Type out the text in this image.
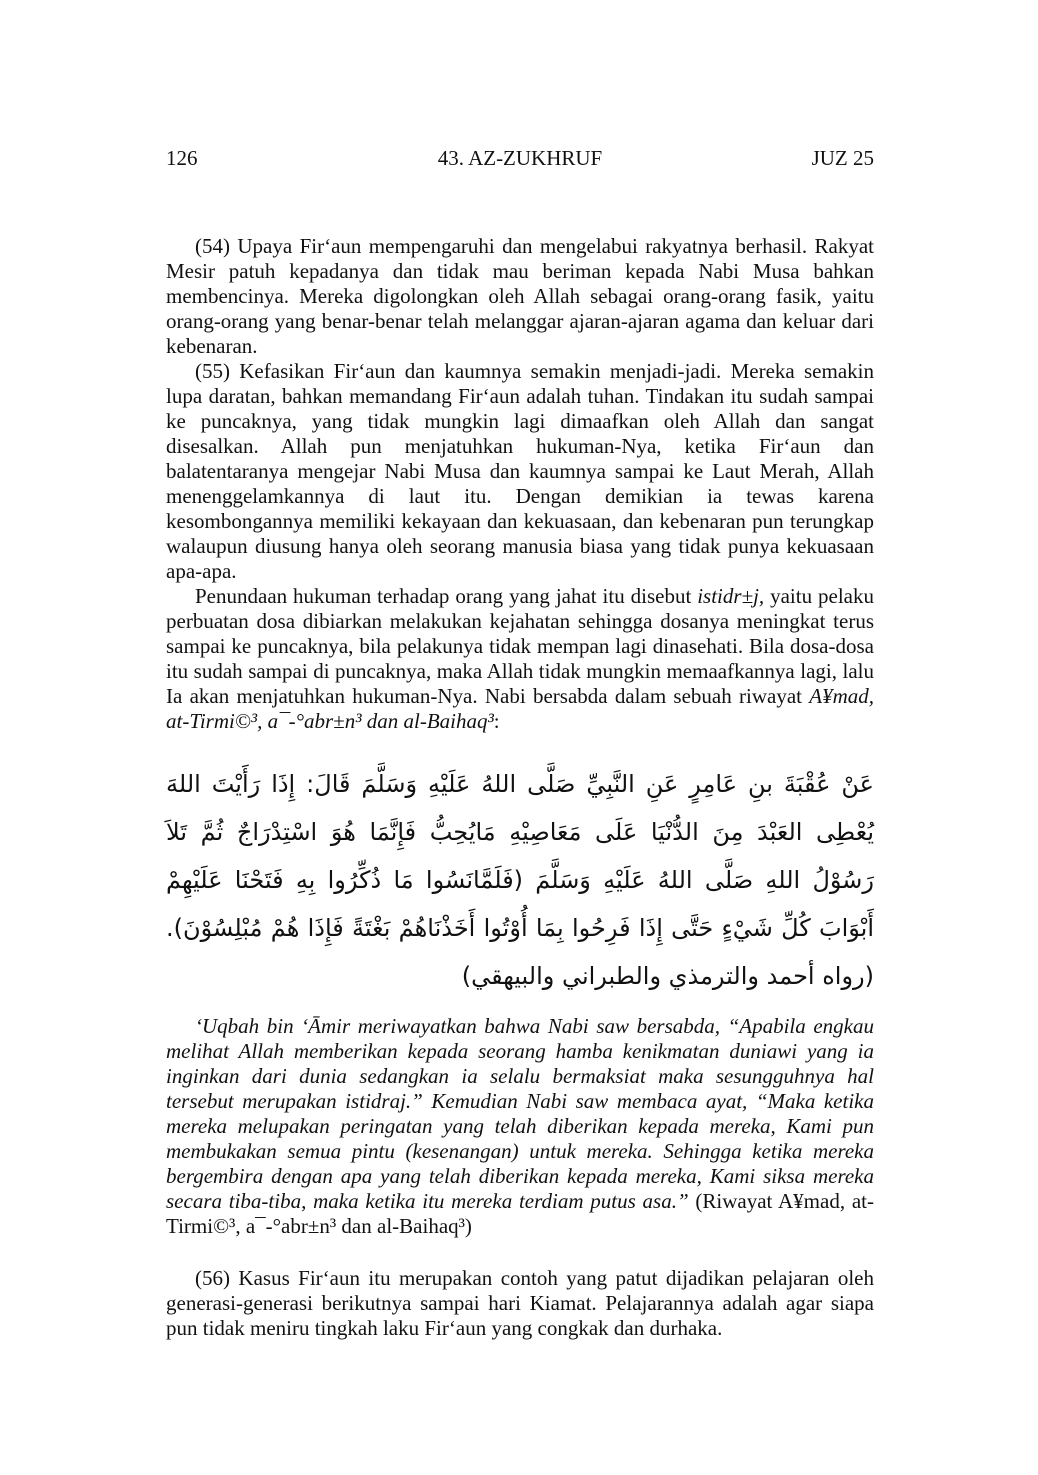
126	43. AZ-ZUKHRUF	JUZ 25

(54) Upaya Fir‘aun mempengaruhi dan mengelabui rakyatnya berhasil. Rakyat Mesir patuh kepadanya dan tidak mau beriman kepada Nabi Musa bahkan membencinya. Mereka digolongkan oleh Allah sebagai orang-orang fasik, yaitu orang-orang yang benar-benar telah melanggar ajaran-ajaran agama dan keluar dari kebenaran.

(55) Kefasikan Fir‘aun dan kaumnya semakin menjadi-jadi. Mereka semakin lupa daratan, bahkan memandang Fir‘aun adalah tuhan. Tindakan itu sudah sampai ke puncaknya, yang tidak mungkin lagi dimaafkan oleh Allah dan sangat disesalkan. Allah pun menjatuhkan hukuman-Nya, ketika Fir‘aun dan balatentaranya mengejar Nabi Musa dan kaumnya sampai ke Laut Merah, Allah menenggelamkannya di laut itu. Dengan demikian ia tewas karena kesombongannya memiliki kekayaan dan kekuasaan, dan kebenaran pun terungkap walaupun diusung hanya oleh seorang manusia biasa yang tidak punya kekuasaan apa-apa.

Penundaan hukuman terhadap orang yang jahat itu disebut istidr±j, yaitu pelaku perbuatan dosa dibiarkan melakukan kejahatan sehingga dosanya meningkat terus sampai ke puncaknya, bila pelakunya tidak mempan lagi dinasehati. Bila dosa-dosa itu sudah sampai di puncaknya, maka Allah tidak mungkin memaafkannya lagi, lalu Ia akan menjatuhkan hukuman-Nya. Nabi bersabda dalam sebuah riwayat A¥mad, at-Tirmi©³, a¯-°abr±n³ dan al-Baihaq³:

عَنْ عُقْبَةَ بنِ عَامِرٍ عَنِ النَّبِيِّ صَلَّى اللهُ عَلَيْهِ وَسَلَّمَ قَالَ: إِذَا رَأَيْتَ اللهَ يُعْطِى العَبْدَ مِنَ الدُّنْيَا عَلَى مَعَاصِيْهِ مَايُحِبُّ فَإِنَّمَا هُوَ اسْتِدْرَاجٌ ثُمَّ تَلاَ رَسُوْلُ اللهِ صَلَّى اللهُ عَلَيْهِ وَسَلَّمَ (فَلَمَّانَسُوا مَا ذُكِّرُوا بِهِ فَتَحْنَا عَلَيْهِمْ أَبْوَابَ كُلِّ شَيْءٍ حَتَّى إِذَا فَرِحُوا بِمَا أُوْتُوا أَخَذْنَاهُمْ بَغْتَةً فَإِذَا هُمْ مُبْلِسُوْنَ). (رواه أحمد والترمذي والطبراني والبيهقي)

‘Uqbah bin ‘Āmir meriwayatkan bahwa Nabi saw bersabda, “Apabila engkau melihat Allah memberikan kepada seorang hamba kenikmatan duniawi yang ia inginkan dari dunia sedangkan ia selalu bermaksiat maka sesungguhnya hal tersebut merupakan istidraj.” Kemudian Nabi saw membaca ayat, “Maka ketika mereka melupakan peringatan yang telah diberikan kepada mereka, Kami pun membukakan semua pintu (kesenangan) untuk mereka. Sehingga ketika mereka bergembira dengan apa yang telah diberikan kepada mereka, Kami siksa mereka secara tiba-tiba, maka ketika itu mereka terdiam putus asa.” (Riwayat A¥mad, at-Tirmi©³, a¯-°abr±n³ dan al-Baihaq³)

(56) Kasus Fir‘aun itu merupakan contoh yang patut dijadikan pelajaran oleh generasi-generasi berikutnya sampai hari Kiamat. Pelajarannya adalah agar siapa pun tidak meniru tingkah laku Fir‘aun yang congkak dan durhaka.
